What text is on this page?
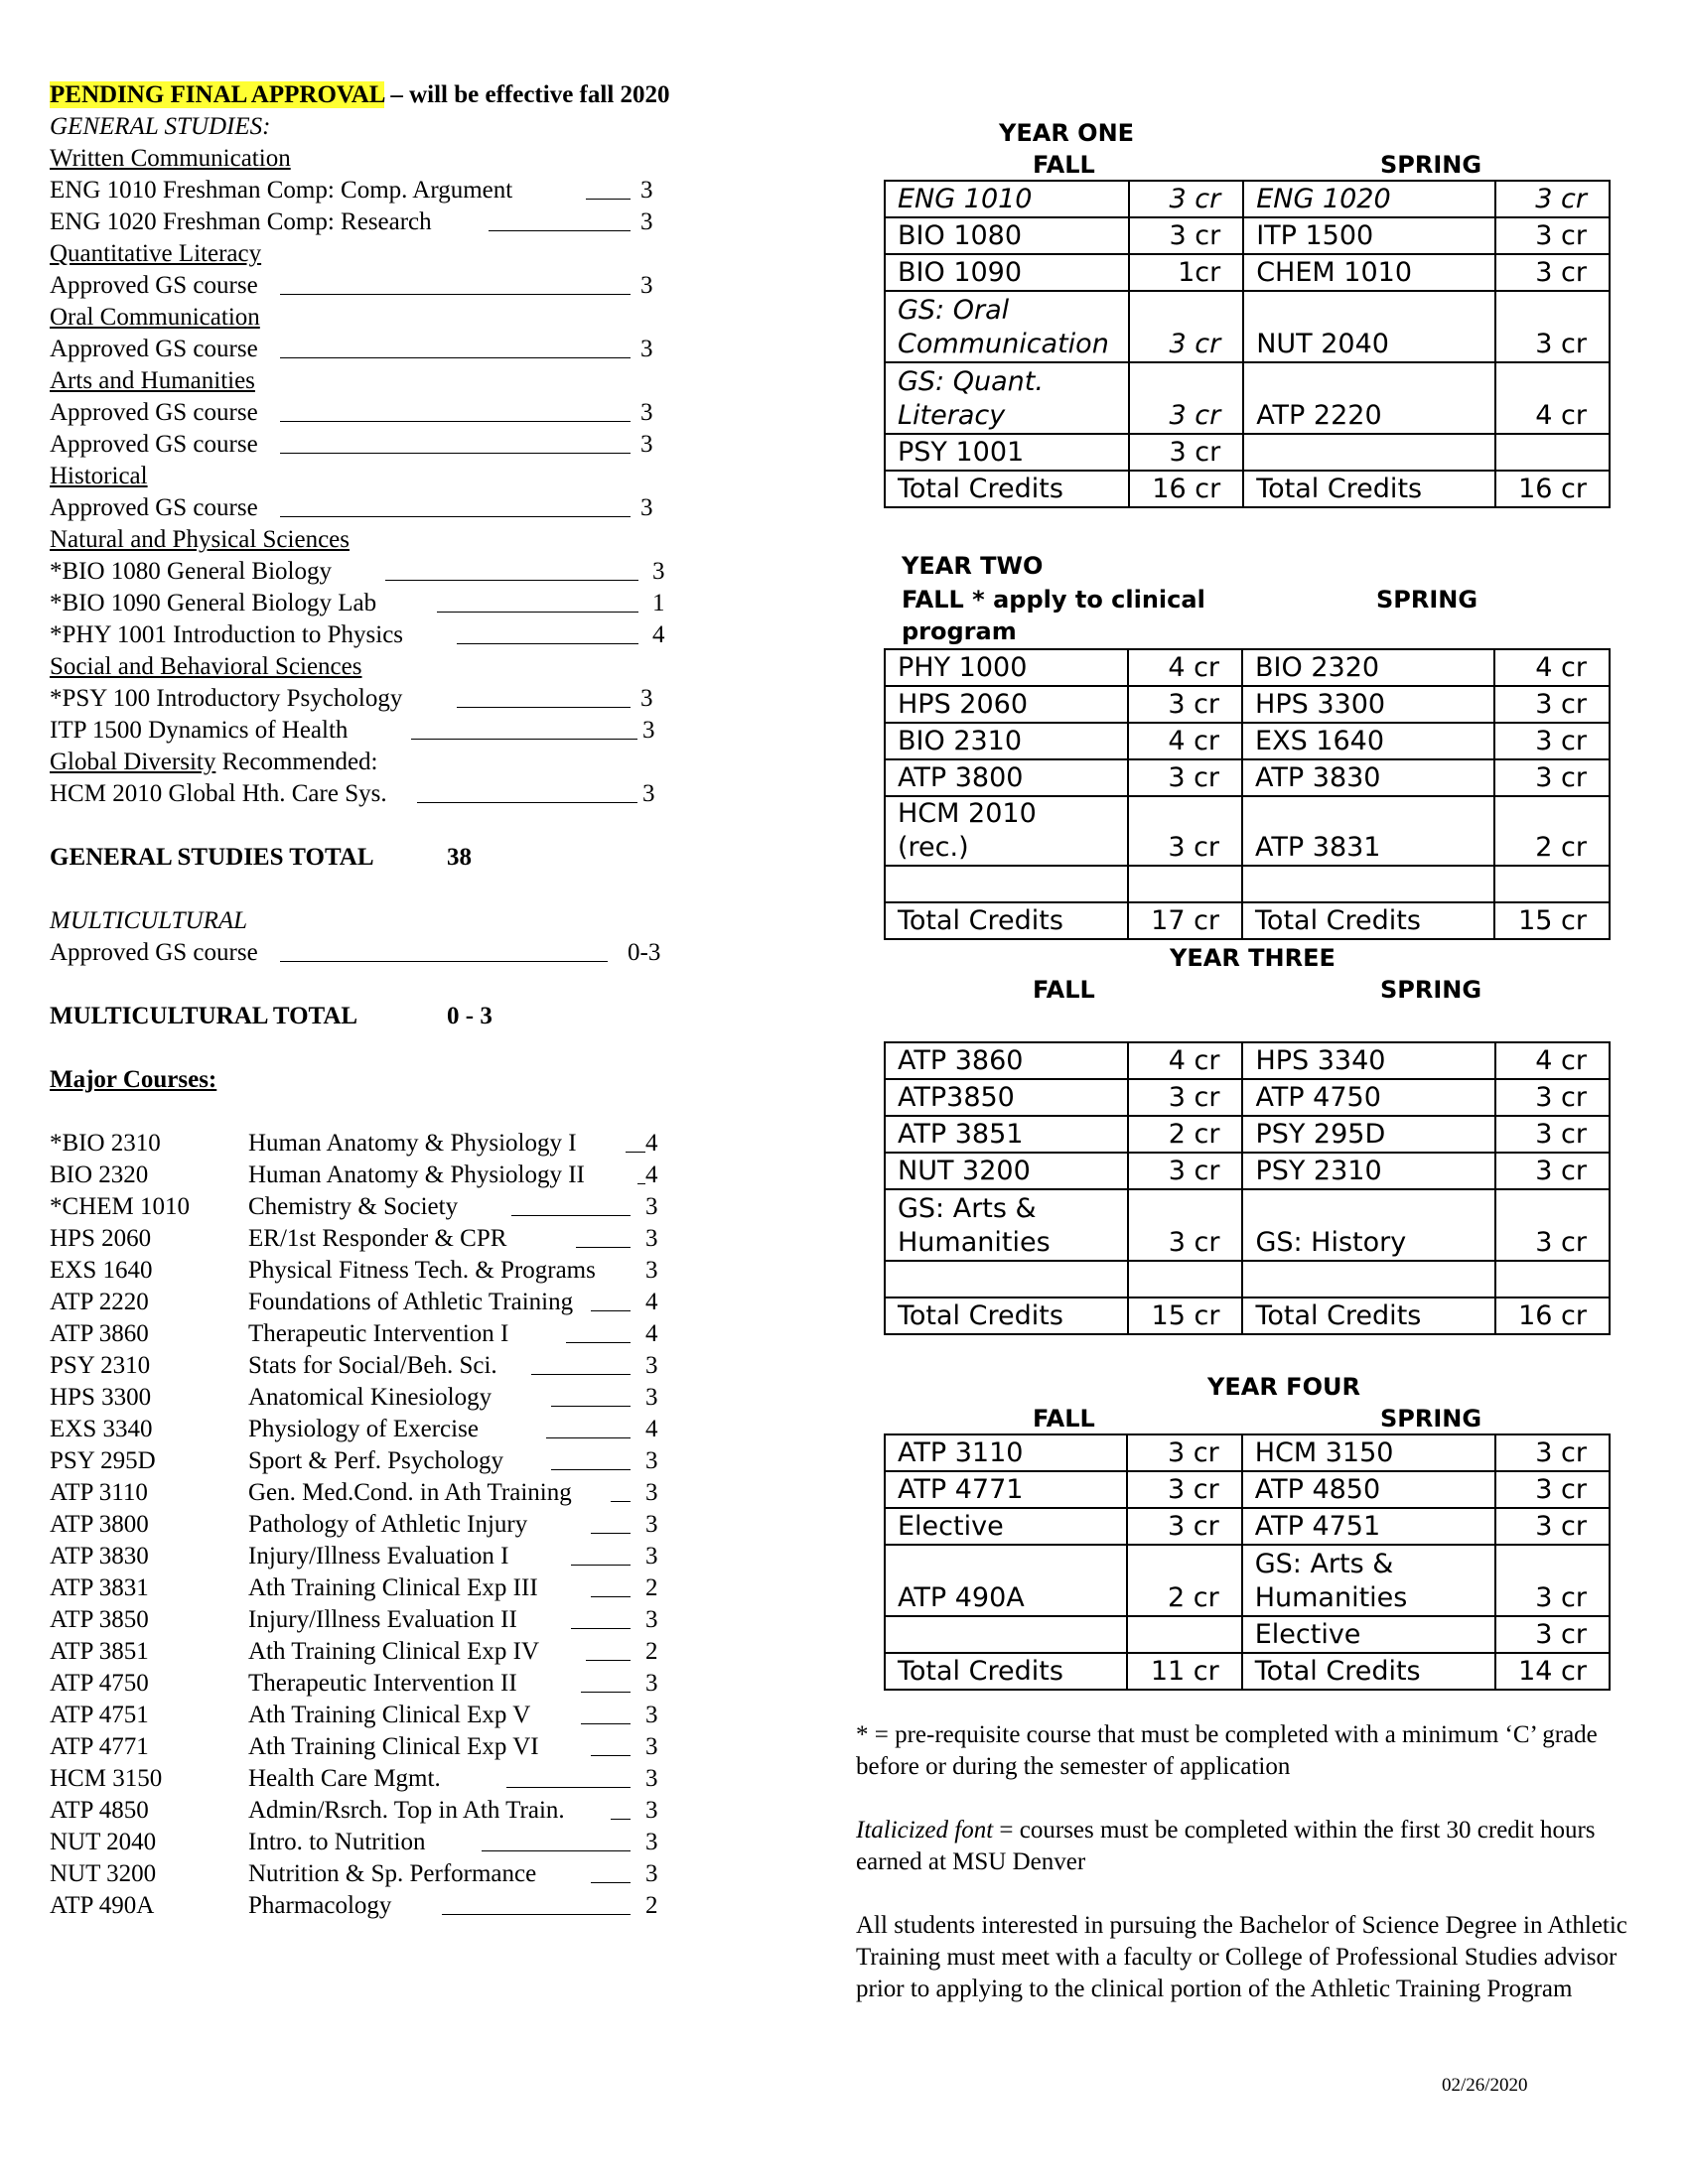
PENDING FINAL APPROVAL – will be effective fall 2020
GENERAL STUDIES:
Written Communication
ENG 1010 Freshman Comp: Comp. Argument	3
ENG 1020 Freshman Comp: Research	3
Quantitative Literacy
Approved GS course	3
Oral Communication
Approved GS course	3
Arts and Humanities
Approved GS course	3
Approved GS course	3
Historical
Approved GS course	3
Natural and Physical Sciences
*BIO 1080 General Biology	3
*BIO 1090 General Biology Lab	1
*PHY 1001 Introduction to Physics	4
Social and Behavioral Sciences
*PSY 100 Introductory Psychology	3
ITP 1500 Dynamics of Health	3
Global Diversity Recommended:
HCM 2010 Global Hth. Care Sys.	3
GENERAL STUDIES TOTAL	38
MULTICULTURAL
Approved GS course	0-3
MULTICULTURAL TOTAL	0 - 3
Major Courses:
*BIO 2310	Human Anatomy & Physiology I	4
BIO 2320	Human Anatomy & Physiology II 4
*CHEM 1010 Chemistry & Society	3
HPS 2060	ER/1st Responder & CPR	3
EXS 1640	Physical Fitness Tech. & Programs 3
ATP 2220	Foundations of Athletic Training	4
ATP 3860	Therapeutic Intervention I	4
PSY 2310	Stats for Social/Beh. Sci.	3
HPS 3300	Anatomical Kinesiology	3
EXS 3340	Physiology of Exercise	4
PSY 295D	Sport & Perf. Psychology	3
ATP 3110	Gen. Med.Cond. in Ath Training	3
ATP 3800	Pathology of Athletic Injury	3
ATP 3830	Injury/Illness Evaluation I	3
ATP 3831	Ath Training Clinical Exp III	2
ATP 3850	Injury/Illness Evaluation II	3
ATP 3851	Ath Training Clinical Exp IV	2
ATP 4750	Therapeutic Intervention II	3
ATP 4751	Ath Training Clinical Exp V	3
ATP 4771	Ath Training Clinical Exp VI	3
HCM 3150	Health Care Mgmt.	3
ATP 4850	Admin/Rsrch. Top in Ath Train.	3
NUT 2040	Intro. to Nutrition	3
NUT 3200	Nutrition & Sp. Performance	3
ATP 490A	Pharmacology	2
YEAR ONE
FALL	SPRING
ENG 1010	3 cr	ENG 1020	3 cr
BIO 1080	3 cr	ITP 1500	3 cr
BIO 1090	1cr	CHEM 1010	3 cr
GS: Oral Communication	3 cr	NUT 2040	3 cr
GS: Quant. Literacy	3 cr	ATP 2220	4 cr
PSY 1001	3 cr		
Total Credits	16 cr	Total Credits	16 cr
YEAR TWO
FALL * apply to clinical program
SPRING
PHY 1000	4 cr	BIO 2320	4 cr
HPS 2060	3 cr	HPS 3300	3 cr
BIO 2310	4 cr	EXS 1640	3 cr
ATP 3800	3 cr	ATP 3830	3 cr
HCM 2010 (rec.)	3 cr	ATP 3831	2 cr

Total Credits	17 cr	Total Credits	15 cr
YEAR THREE
FALL	SPRING
ATP 3860	4 cr	HPS 3340	4 cr
ATP3850	3 cr	ATP 4750	3 cr
ATP 3851	2 cr	PSY 295D	3 cr
NUT 3200	3 cr	PSY 2310	3 cr
GS: Arts & Humanities	3 cr	GS: History	3 cr

Total Credits	15 cr	Total Credits	16 cr
YEAR FOUR
FALL	SPRING
ATP 3110	3 cr	HCM 3150	3 cr
ATP 4771	3 cr	ATP 4850	3 cr
Elective	3 cr	ATP 4751	3 cr
ATP 490A	2 cr	GS: Arts & Humanities	3 cr
		Elective	3 cr
Total Credits	11 cr	Total Credits	14 cr

* = pre-requisite course that must be completed with a minimum ‘C’ grade before or during the semester of application

Italicized font = courses must be completed within the first 30 credit hours earned at MSU Denver

All students interested in pursuing the Bachelor of Science Degree in Athletic Training must meet with a faculty or College of Professional Studies advisor prior to applying to the clinical portion of the Athletic Training Program

02/26/2020
